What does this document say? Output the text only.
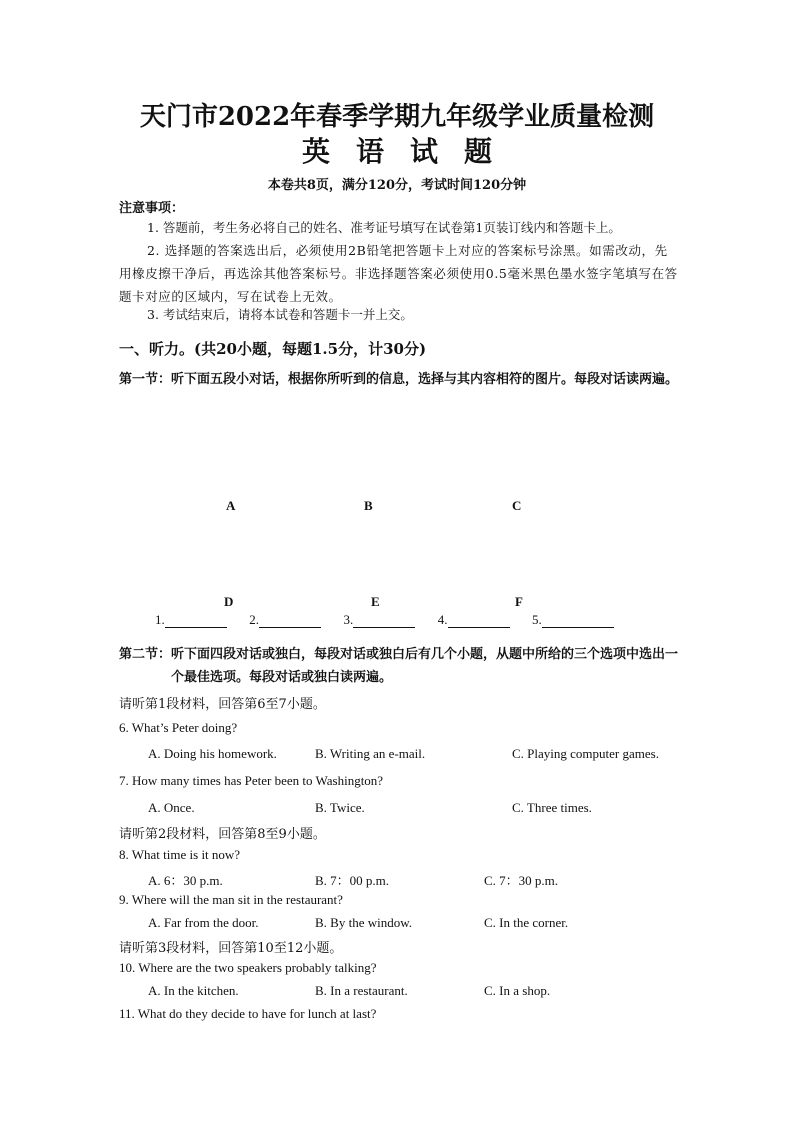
天门市2022年春季学期九年级学业质量检测
英语试题
本卷共8页，满分120分，考试时间120分钟
注意事项：
1. 答题前，考生务必将自己的姓名、准考证号填写在试卷第1页装订线内和答题卡上。
2. 选择题的答案选出后，必须使用2B铅笔把答题卡上对应的答案标号涂黑。如需改动，先用橡皮擦干净后，再选涂其他答案标号。非选择题答案必须使用0.5毫米黑色墨水签字笔填写在答题卡对应的区域内，写在试卷上无效。
3. 考试结束后，请将本试卷和答题卡一并上交。
一、听力。(共20小题，每题1.5分，计30分)
第一节：听下面五段小对话，根据你所听到的信息，选择与其内容相符的图片。每段对话读两遍。
A	B	C
D	E	F
1.	2.	3.	4.	5.
第二节：听下面四段对话或独白，每段对话或独白后有几个小题，从题中所给的三个选项中选出一个最佳选项。每段对话或独白读两遍。
请听第1段材料，回答第6至7小题。
6. What’s Peter doing?
A. Doing his homework.	B. Writing an e-mail.	C. Playing computer games.
7. How many times has Peter been to Washington?
A. Once.	B. Twice.	C. Three times.
请听第2段材料，回答第8至9小题。
8. What time is it now?
A. 6：30 p.m.	B. 7：00 p.m.	C. 7：30 p.m.
9. Where will the man sit in the restaurant?
A. Far from the door.	B. By the window.	C. In the corner.
请听第3段材料，回答第10至12小题。
10. Where are the two speakers probably talking?
A. In the kitchen.	B. In a restaurant.	C. In a shop.
11. What do they decide to have for lunch at last?
